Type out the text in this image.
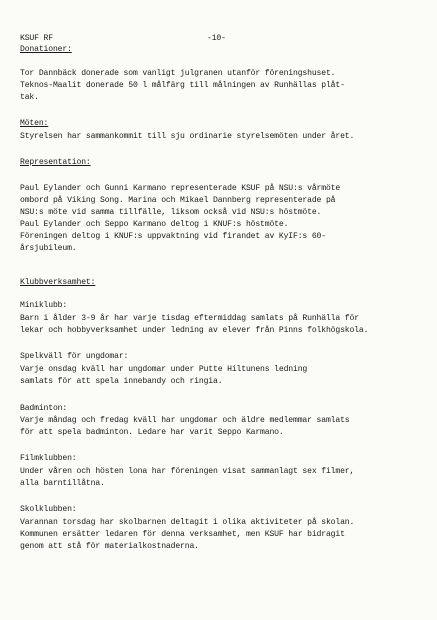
KSUF RF	-10-
Donationer:
Tor Dannbäck donerade som vanligt julgranen utanför föreningshuset.
Teknos-Maalit donerade 50 l målfärg till målningen av Runhällas plåt-
tak.
Möten:
Styrelsen har sammankommit till sju ordinarie styrelsemöten under året.
Representation:
Paul Eylander och Gunni Karmano representerade KSUF på NSU:s vårmöte
ombord på Viking Song. Marina och Mikael Dannberg representerade på
NSU:s möte vid samma tillfälle, liksom också vid NSU:s höstmöte.
Paul Eylander och Seppo Karmano deltog i KNUF:s höstmöte.
Föreningen deltog i KNUF:s uppvaktning vid firandet av KyIF:s 60-
årsjubileum.
Klubbverksamhet:
Miniklubb:
Barn i ålder 3-9 år har varje tisdag eftermiddag samlats på Runhälla för
lekar och hobbyverksamhet under ledning av elever från Pinns folkhögskola.
Spelkväll för ungdomar:
Varje onsdag kväll har ungdomar under Putte Hiltunens ledning
samlats för att spela innebandy och ringia.
Badminton:
Varje måndag och fredag kväll har ungdomar och äldre medlemmar samlats
för att spela badminton. Ledare har varit Seppo Karmano.
Filmklubben:
Under våren och hösten lona har föreningen visat sammanlagt sex filmer,
alla barntillåtna.
Skolklubben:
Varannan torsdag har skolbarnen deltagit i olika aktiviteter på skolan.
Kommunen ersätter ledaren för denna verksamhet, men KSUF har bidragit
genom att stå för materialkostnaderna.
